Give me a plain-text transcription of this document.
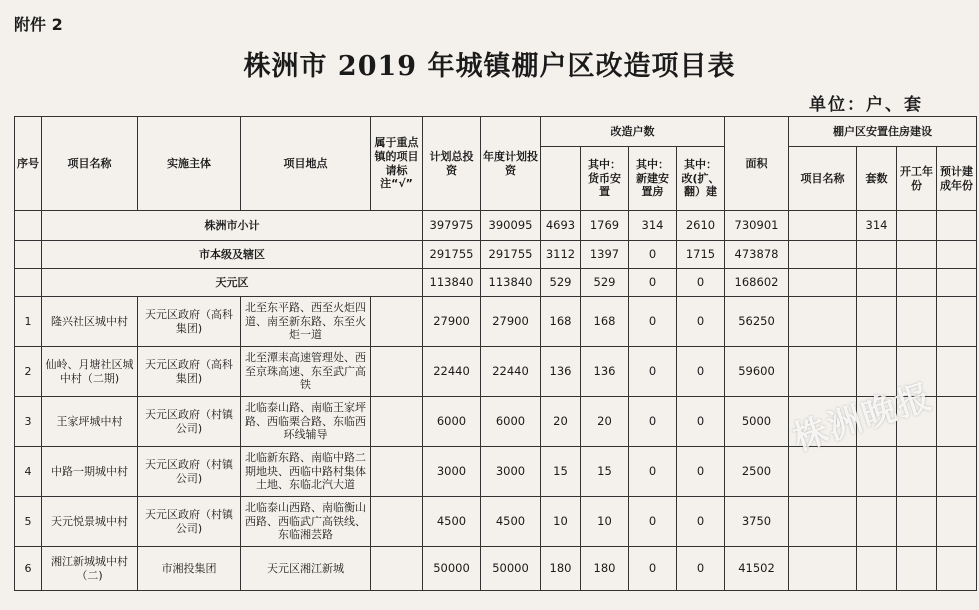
附件 2
株洲市 2019 年城镇棚户区改造项目表
单位：户、套
序号	项目名称	实施主体	项目地点	属于重点镇的项目请标注“√”	计划总投资	年度计划投资	改造户数				面积	棚户区安置住房建设			
								其中：货币安置	其中：新建安置房	其中：改(扩、翻）建		项目名称	套数	开工年份	预计建成年份
	株洲市小计				397975	390095	4693	1769	314	2610	730901		314		
	市本级及辖区				291755	291755	3112	1397	0	1715	473878				
	天元区				113840	113840	529	529	0	0	168602				
1	隆兴社区城中村	天元区政府（高科集团)	北至东平路、西至火炬四道、南至新东路、东至火炬一道		27900	27900	168	168	0	0	56250				
2	仙岭、月塘社区城中村（二期)	天元区政府（高科集团)	北至潭耒高速管理处、西至京珠高速、东至武广高铁		22440	22440	136	136	0	0	59600				
3	王家坪城中村	天元区政府（村镇公司)	北临泰山路、南临王家坪路、西临栗合路、东临西环线辅导		6000	6000	20	20	0	0	5000				
4	中路一期城中村	天元区政府（村镇公司)	北临新东路、南临中路二期地块、西临中路村集体土地、东临北汽大道		3000	3000	15	15	0	0	2500				
5	天元悦景城中村	天元区政府（村镇公司)	北临泰山西路、南临衡山西路、西临武广高铁线、东临湘芸路		4500	4500	10	10	0	0	3750				
6	湘江新城城中村（二)	市湘投集团	天元区湘江新城		50000	50000	180	180	0	0	41502				
株洲晚报
